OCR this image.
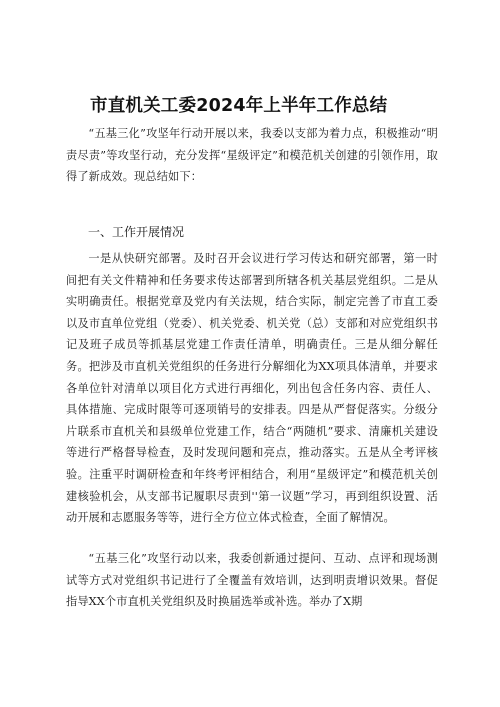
市直机关工委2024年上半年工作总结

“五基三化”攻坚年行动开展以来，我委以支部为着力点，积极推动“明责尽责”等攻坚行动，充分发挥“星级评定”和模范机关创建的引领作用，取得了新成效。现总结如下：

一、工作开展情况

一是从快研究部署。及时召开会议进行学习传达和研究部署，第一时间把有关文件精神和任务要求传达部署到所辖各机关基层党组织。二是从实明确责任。根据党章及党内有关法规，结合实际，制定完善了市直工委以及市直单位党组（党委）、机关党委、机关党（总）支部和对应党组织书记及班子成员等抓基层党建工作责任清单，明确责任。三是从细分解任务。把涉及市直机关党组织的任务进行分解细化为XX项具体清单，并要求各单位针对清单以项目化方式进行再细化，列出包含任务内容、责任人、具体措施、完成时限等可逐项销号的安排表。四是从严督促落实。分级分片联系市直机关和县级单位党建工作，结合“两随机”要求、清廉机关建设等进行严格督导检查，及时发现问题和亮点，推动落实。五是从全考评核验。注重平时调研检查和年终考评相结合，利用“星级评定”和模范机关创建核验机会，从支部书记履职尽责到''第一议题”学习，再到组织设置、活动开展和志愿服务等等，进行全方位立体式检查，全面了解情况。

“五基三化”攻坚行动以来，我委创新通过提问、互动、点评和现场测试等方式对党组织书记进行了全覆盖有效培训，达到明责增识效果。督促指导XX个市直机关党组织及时换届选举或补选。举办了X期
